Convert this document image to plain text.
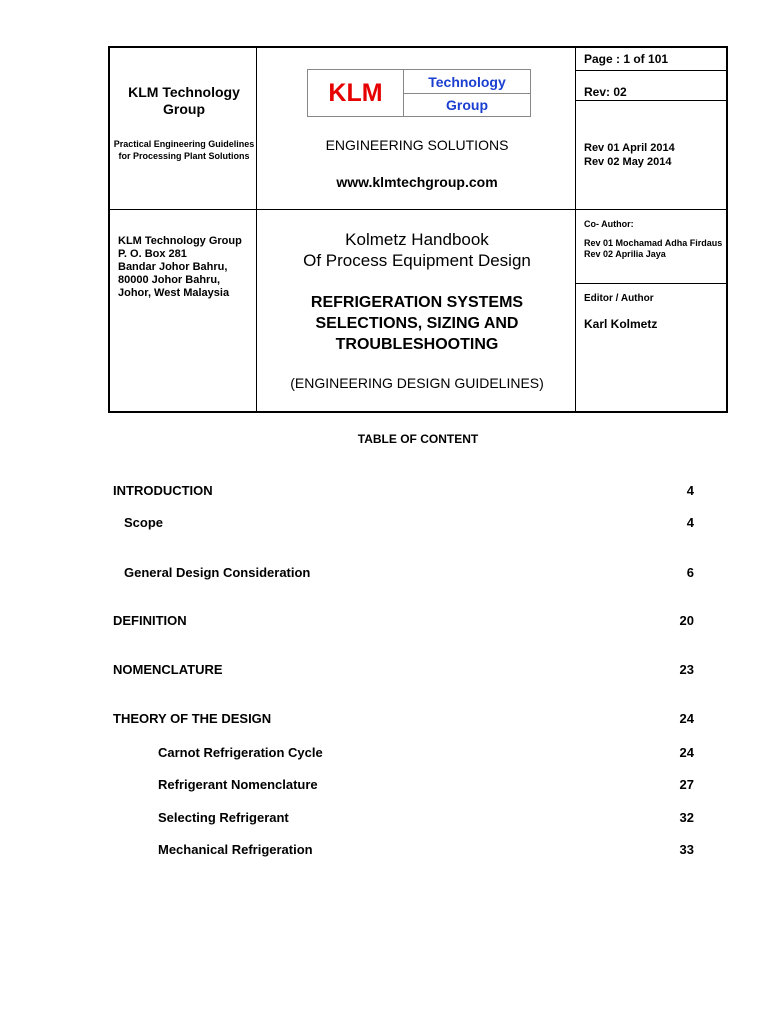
KLM Technology Group
Practical Engineering Guidelines for Processing Plant Solutions
KLM	Technology
Group
ENGINEERING SOLUTIONS
www.klmtechgroup.com
Page : 1 of 101
Rev: 02
Rev 01 April 2014
Rev 02 May 2014
KLM Technology Group
P. O. Box 281
Bandar Johor Bahru,
80000 Johor Bahru,
Johor, West Malaysia
Kolmetz Handbook
Of Process Equipment Design
REFRIGERATION SYSTEMS
SELECTIONS, SIZING AND
TROUBLESHOOTING
(ENGINEERING DESIGN GUIDELINES)
Co- Author:
Rev 01 Mochamad Adha Firdaus
Rev 02 Aprilia Jaya
Editor / Author
Karl Kolmetz
TABLE OF CONTENT
INTRODUCTION	4
Scope	4
General Design Consideration	6
DEFINITION	20
NOMENCLATURE	23
THEORY OF THE DESIGN	24
Carnot Refrigeration Cycle	24
Refrigerant Nomenclature	27
Selecting Refrigerant	32
Mechanical Refrigeration	33
